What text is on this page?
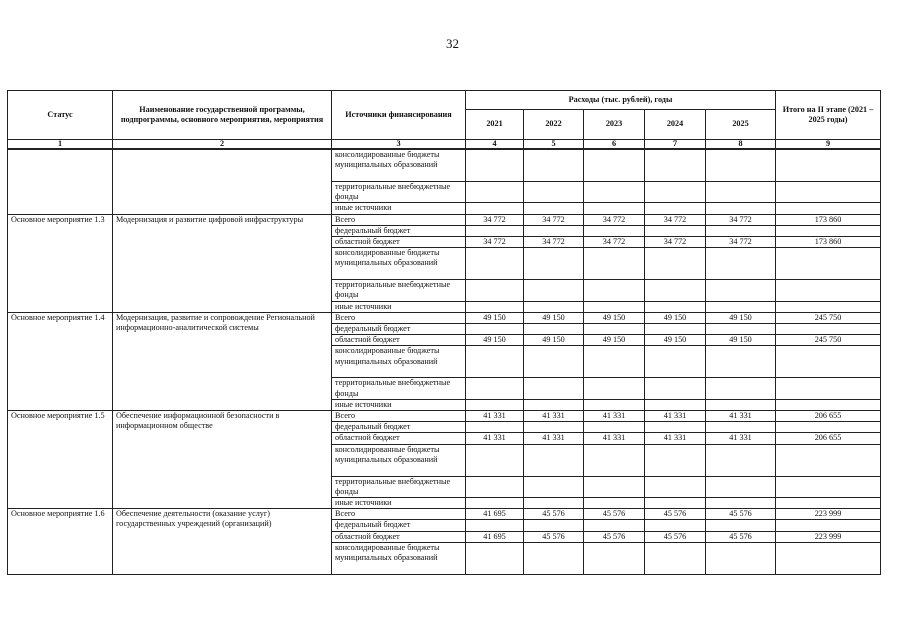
32
Статус	Наименование государственной программы, подпрограммы, основного мероприятия, мероприятия	Источники финансирования	Расходы (тыс. рублей), годы					Итого на II этапе (2021 – 2025 годы)
			2021	2022	2023	2024	2025	
1	2	3	4	5	6	7	8	9
		консолидированные бюджеты муниципальных образований						
		территориальные внебюджетные фонды						
		иные источники						
Основное мероприятие 1.3	Модернизация и развитие цифровой инфраструктуры	Всего	34 772	34 772	34 772	34 772	34 772	173 860
		федеральный бюджет						
		областной бюджет	34 772	34 772	34 772	34 772	34 772	173 860
		консолидированные бюджеты муниципальных образований						
		территориальные внебюджетные фонды						
		иные источники						
Основное мероприятие 1.4	Модернизация, развитие и сопровождение Региональной информационно-аналитической системы	Всего	49 150	49 150	49 150	49 150	49 150	245 750
		федеральный бюджет						
		областной бюджет	49 150	49 150	49 150	49 150	49 150	245 750
		консолидированные бюджеты муниципальных образований						
		территориальные внебюджетные фонды						
		иные источники						
Основное мероприятие 1.5	Обеспечение информационной безопасности в информационном обществе	Всего	41 331	41 331	41 331	41 331	41 331	206 655
		федеральный бюджет						
		областной бюджет	41 331	41 331	41 331	41 331	41 331	206 655
		консолидированные бюджеты муниципальных образований						
		территориальные внебюджетные фонды						
		иные источники						
Основное мероприятие 1.6	Обеспечение деятельности (оказание услуг) государственных учреждений (организаций)	Всего	41 695	45 576	45 576	45 576	45 576	223 999
		федеральный бюджет						
		областной бюджет	41 695	45 576	45 576	45 576	45 576	223 999
		консолидированные бюджеты муниципальных образований						
